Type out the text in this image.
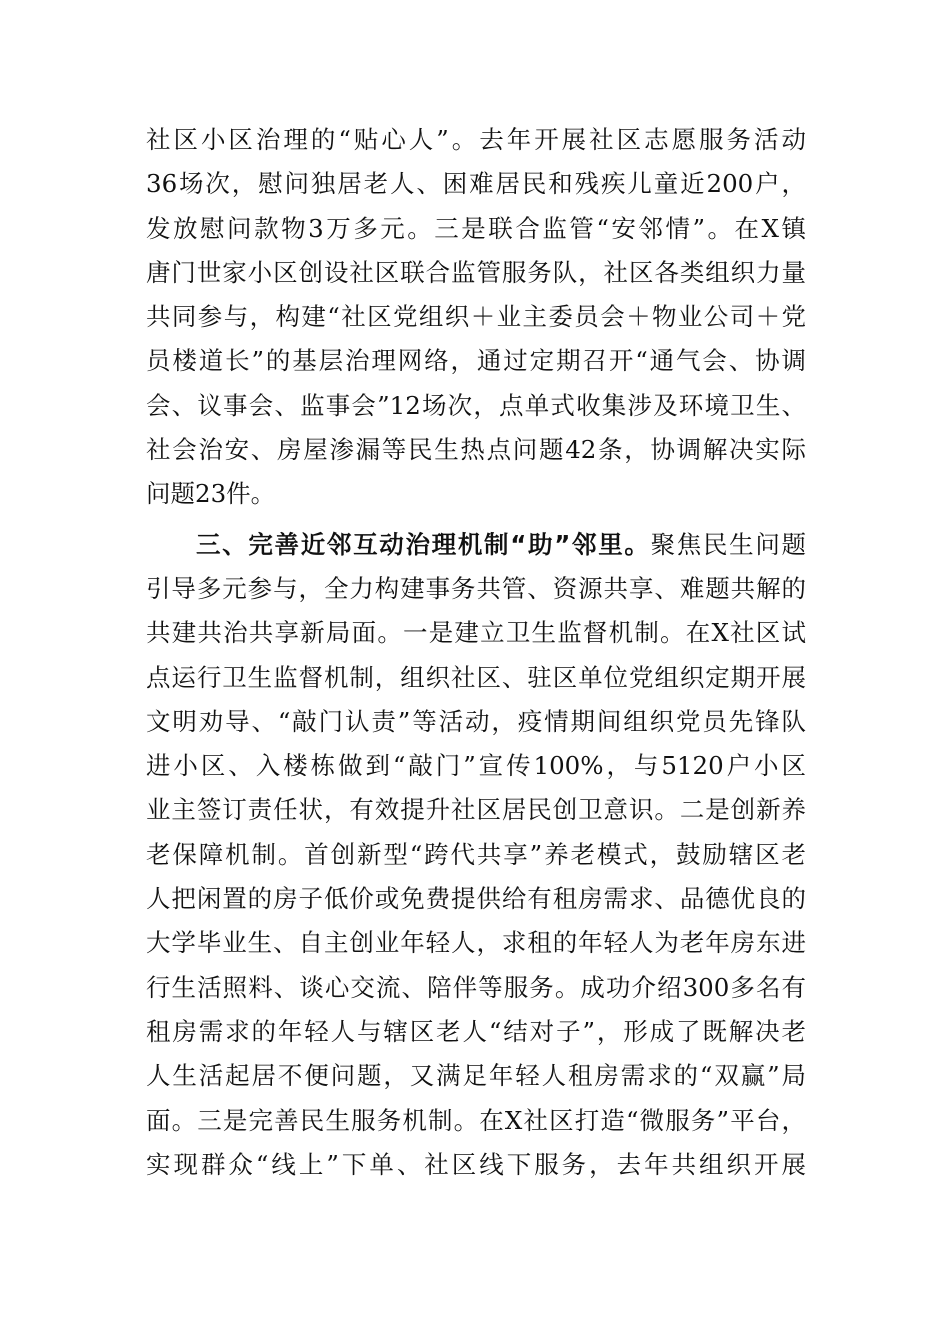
社区小区治理的“贴心人”。去年开展社区志愿服务活动
36场次，慰问独居老人、困难居民和残疾儿童近200户，
发放慰问款物3万多元。三是联合监管“安邻情”。在X镇
唐门世家小区创设社区联合监管服务队，社区各类组织力量
共同参与，构建“社区党组织＋业主委员会＋物业公司＋党
员楼道长”的基层治理网络，通过定期召开“通气会、协调
会、议事会、监事会”12场次，点单式收集涉及环境卫生、
社会治安、房屋渗漏等民生热点问题42条，协调解决实际
问题23件。
三、完善近邻互动治理机制“助”邻里。聚焦民生问题
引导多元参与，全力构建事务共管、资源共享、难题共解的
共建共治共享新局面。一是建立卫生监督机制。在X社区试
点运行卫生监督机制，组织社区、驻区单位党组织定期开展
文明劝导、“敲门认责”等活动，疫情期间组织党员先锋队
进小区、入楼栋做到“敲门”宣传100%，与5120户小区
业主签订责任状，有效提升社区居民创卫意识。二是创新养
老保障机制。首创新型“跨代共享”养老模式，鼓励辖区老
人把闲置的房子低价或免费提供给有租房需求、品德优良的
大学毕业生、自主创业年轻人，求租的年轻人为老年房东进
行生活照料、谈心交流、陪伴等服务。成功介绍300多名有
租房需求的年轻人与辖区老人“结对子”，形成了既解决老
人生活起居不便问题，又满足年轻人租房需求的“双赢”局
面。三是完善民生服务机制。在X社区打造“微服务”平台，
实现群众“线上”下单、社区线下服务，去年共组织开展
